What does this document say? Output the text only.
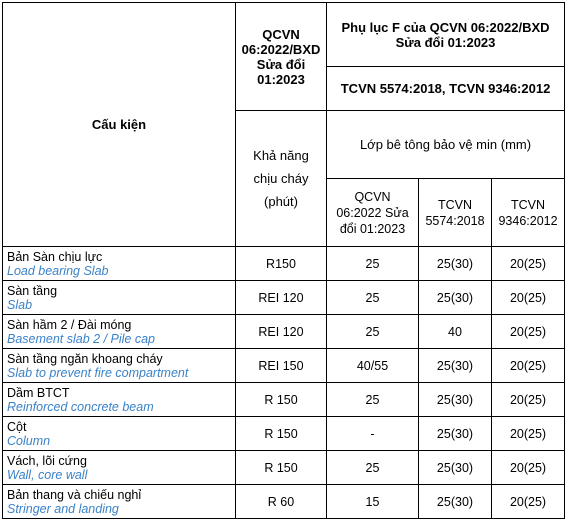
Cấu kiện	QCVN 06:2022/BXD Sửa đổi 01:2023	Phụ lục F của QCVN 06:2022/BXD Sửa đổi 01:2023		
		TCVN 5574:2018, TCVN 9346:2012		
	Khả năng chịu cháy (phút)	Lớp bê tông bảo vệ min (mm)		
		QCVN 06:2022 Sửa đổi 01:2023	TCVN 5574:2018	TCVN 9346:2012

Bản Sàn chịu lực
Load bearing Slab	R150	25	25(30)	20(25)

Sàn tầng
Slab	REI 120	25	25(30)	20(25)

Sàn hầm 2 / Đài móng
Basement slab 2 / Pile cap	REI 120	25	40	20(25)

Sàn tầng ngăn khoang cháy
Slab to prevent fire compartment	REI 150	40/55	25(30)	20(25)

Dầm BTCT
Reinforced concrete beam	R 150	25	25(30)	20(25)

Cột
Column	R 150	-	25(30)	20(25)

Vách, lõi cứng
Wall, core wall	R 150	25	25(30)	20(25)

Bản thang và chiếu nghỉ
Stringer and landing	R 60	15	25(30)	20(25)
